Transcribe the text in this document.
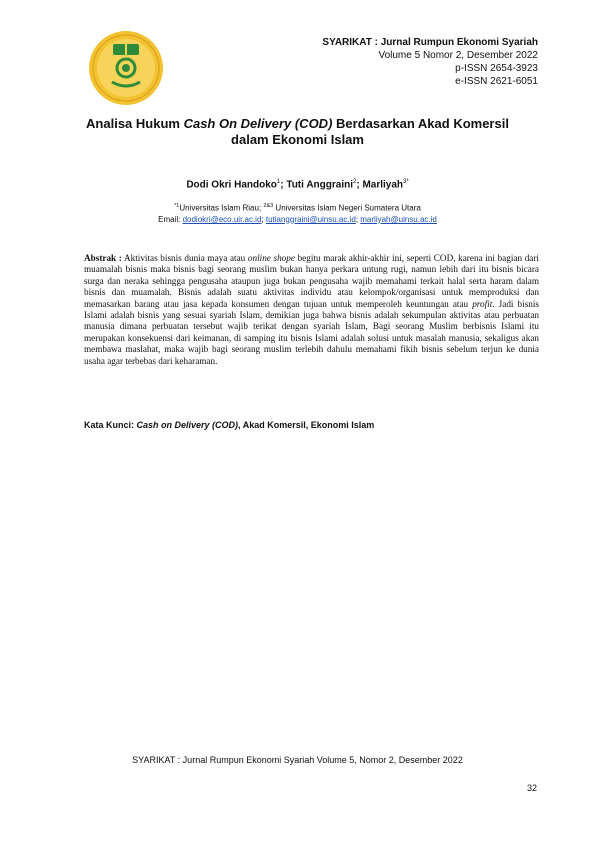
SYARIKAT : Jurnal Rumpun Ekonomi Syariah
Volume 5 Nomor 2, Desember 2022
p-ISSN 2654-3923
e-ISSN 2621-6051
Analisa Hukum Cash On Delivery (COD) Berdasarkan Akad Komersil
dalam Ekonomi Islam
Dodi Okri Handoko$^1$; Tuti Anggraini$^2$; Marliyah$^{3*}$
$^{*1}$Universitas Islam Riau; $^{2\&3}$ Universitas Islam Negeri Sumatera Utara
Email: dodiokri@eco.uir.ac.id; tutianggraini@uinsu.ac.id; marliyah@uinsu.ac.id
Abstrak : Aktivitas bisnis dunia maya atau online shope begitu marak akhir-akhir ini, seperti COD, karena ini bagian dari muamalah bisnis maka bisnis bagi seorang muslim bukan hanya perkara untung rugi, namun lebih dari itu bisnis bicara surga dan neraka sehingga pengusaha ataupun juga bukan pengusaha wajib memahami terkait halal serta haram dalam bisnis dan muamalah. Bisnis adalah suatu aktivitas individu atau kelompok/organisasi untuk memproduksi dan memasarkan barang atau jasa kepada konsumen dengan tujuan untuk memperoleh keuntungan atau profit. Jadi bisnis Islami adalah bisnis yang sesuai syariah Islam, demikian juga bahwa bisnis adalah sekumpulan aktivitas atau perbuatan manusia dimana perbuatan tersebut wajib terikat dengan syariah Islam, Bagi seorang Muslim berbisnis Islami itu merupakan konsekuensi dari keimanan, di samping itu bisnis Islami adalah solusi untuk masalah manusia, sekaligus akan membawa maslahat, maka wajib bagi seorang muslim terlebih dahulu memahami fikih bisnis sebelum terjun ke dunia usaha agar terbebas dari keharaman.
Kata Kunci: Cash on Delivery (COD), Akad Komersil, Ekonomi Islam
SYARIKAT : Jurnal Rumpun Ekonomi Syariah Volume 5, Nomor 2, Desember 2022
32
